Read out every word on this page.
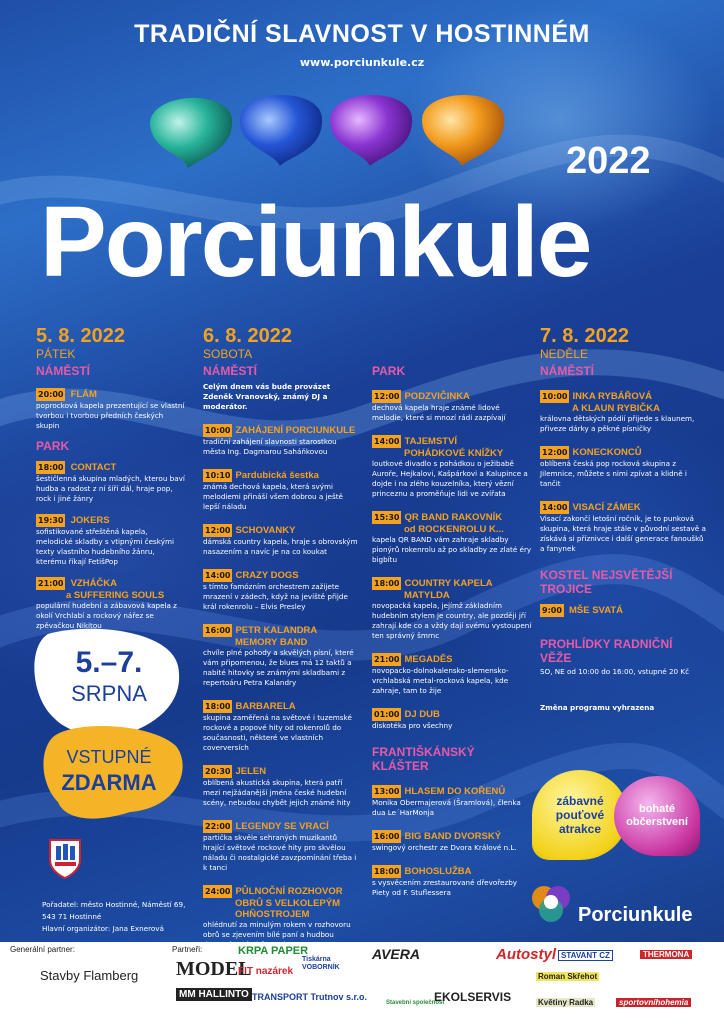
TRADIČNÍ SLAVNOST V HOSTINNÉM
www.porciunkule.cz
2022
Porciunkule
5. 8. 2022
PÁTEK
6. 8. 2022
SOBOTA
7. 8. 2022
NEDĚLE
NÁMĚSTÍ
20:00 FLÁM
poprocková kapela prezentující se vlastní tvorbou i tvorbou předních českých skupin
PARK
18:00 CONTACT
šestičlenná skupina mladých, kterou baví hudba a radost z ní šíří dál, hraje pop, rock i jiné žánry
19:30 JOKERS
sofistikované střeštěná kapela, melodické skladby s vtipnými českými texty vlastního hudebního žánru, kterému říkají FetišPop
21:00 VZHÁČKA
a SUFFERING SOULS
populární hudební a zábavová kapela z okolí Vrchlabí a rockový nářez se zpěvačkou Nikitou
5.–7.
SRPNA
VSTUPNÉ
ZDARMA
Pořadatel: město Hostinné, Náměstí 69,
543 71 Hostinné
Hlavní organizátor: Jana Exnerová
NÁMĚSTÍ
Celým dnem vás bude provázet Zdeněk Vranovský, známý DJ a moderátor.
10:00 ZAHÁJENÍ PORCIUNKULE
tradiční zahájení slavnosti starostkou města Ing. Dagmarou Saháňkovou
10:10 Pardubická šestka
známá dechová kapela, která svými melodiemi přináší všem dobrou a ještě lepší náladu
12:00 SCHOVANKY
dámská country kapela, hraje s obrovským nasazením a navíc je na co koukat
14:00 CRAZY DOGS
s tímto famózním orchestrem zažijete mrazení v zádech, když na jevíště přijde král rokenrolu – Elvis Presley
16:00 PETR KALANDRA
MEMORY BAND
chvíle plné pohody a skvělých písní, které vám připomenou, že blues má 12 taktů a nabité hitovky se známými skladbami z repertoáru Petra Kalandry
18:00 BARBARELA
skupina zaměřená na světové i tuzemské rockové a popové hity od rokenrolů do současnosti, některé ve vlastních coverversích
20:30 JELEN
oblíbená akustická skupina, která patří mezi nejžádanější jména české hudební scény, nebudou chybět jejich známé hity
22:00 LEGENDY SE VRACÍ
partička skvěle sehraných muzikantů hrající světové rockové hity pro skvělou náladu či nostalgické zavzpomínání třeba i k tanci
24:00 PŮLNOČNÍ ROZHOVOR
OBRŮ S VELKOLEPÝM
OHŇOSTROJEM
ohlédnutí za minulým rokem v rozhovoru obrů se zjevením bílé paní a hudbou
PARK
12:00 PODZVIČINKA
dechová kapela hraje známé lidové melodie, které si mnozí rádi zazpívají
14:00 TAJEMSTVÍ
POHÁDKOVÉ KNÍŽKY
loutkové divadlo s pohádkou o ježibabě Auroře, Hejkalovi, Kašpárkovi a Kalupince a dojde i na zlého kouzelníka, který vězní princeznu a proměňuje lidi ve zvířata
15:30 QR BAND RAKOVNÍK
od ROCKENROLU K...
kapela QR BAND vám zahraje skladby pionýrů rokenrolu až po skladby ze zlaté éry bigbítu
18:00 COUNTRY KAPELA
MATYLDA
novopacká kapela, jejímž základním hudebním stylem je country, ale později jří zahrají kde co a vždy dají svému vystoupení ten správný šmrnc
21:00 MEGADĚS
novopacko-dolnokalensko-slemensko-vrchlabská metal-rocková kapela, kde zahraje, tam to žije
01:00 DJ DUB
diskotéka pro všechny
FRANTIŠKÁNSKÝ
KLÁŠTER
13:00 HLASEM DO KOŘENŮ
Monika Obermajerová (Šramlová), členka dua Le´HarMonja
16:00 BIG BAND DVORSKÝ
swingový orchestr ze Dvora Králové n.L.
18:00 BOHOSLUŽBA
s vysvěcením zrestaurované dřevořezby Piety od F. Stuflessera
NÁMĚSTÍ
10:00 INKA RYBÁŘOVÁ
A KLAUN RYBIČKA
královna dětských pódií přijede s klaunem, přiveze dárky a pěkné písničky
12:00 KONECKONCŮ
oblíbená česká pop rocková skupina z Jilemnice, můžete s nimi zpívat a klidně i tančit
14:00 VISACÍ ZÁMEK
Visací zakončí letošní ročník, je to punková skupina, která hraje stále v původní sestavě a získává si příznivce i další generace fanoušků a fanynek
KOSTEL NEJSVĚTĚJŠÍ
TROJICE
9:00 MŠE SVATÁ
PROHLÍDKY RADNIČNÍ
VĚŽE
SO, NE od 10:00 do 16:00, vstupné 20 Kč
Změna programu vyhrazena
zábavné
pouťové
atrakce
bohaté
občerstvení
Porciunkule
Generální partner:
Stavby Flamberg
Partneři:
MODEL
MM HALLINTO
KRPA PAPER
FIT nazárek
Tiskárna VOBORNÍK
TRANSPORT Trutnov s.r.o.
AVERA
Stavební společnost
EKOLSERVIS
Autostyl STAVANT CZ	THERMONA
Roman Skřehot
Květiny Radka	sportovníhohemia
